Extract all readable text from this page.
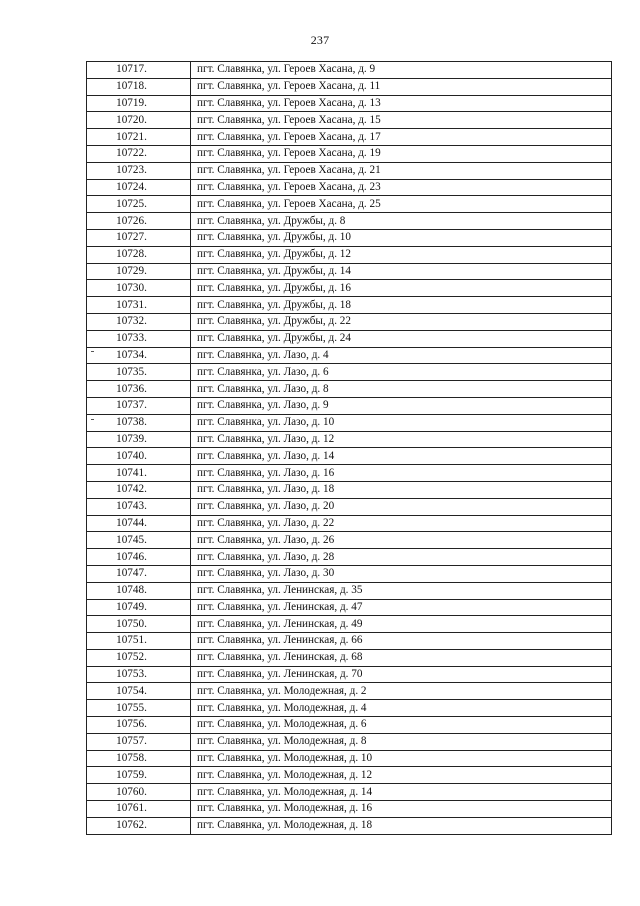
237
10717.	пгт. Славянка, ул. Героев Хасана, д. 9
10718.	пгт. Славянка, ул. Героев Хасана, д. 11
10719.	пгт. Славянка, ул. Героев Хасана, д. 13
10720.	пгт. Славянка, ул. Героев Хасана, д. 15
10721.	пгт. Славянка, ул. Героев Хасана, д. 17
10722.	пгт. Славянка, ул. Героев Хасана, д. 19
10723.	пгт. Славянка, ул. Героев Хасана, д. 21
10724.	пгт. Славянка, ул. Героев Хасана, д. 23
10725.	пгт. Славянка, ул. Героев Хасана, д. 25
10726.	пгт. Славянка, ул. Дружбы, д. 8
10727.	пгт. Славянка, ул. Дружбы, д. 10
10728.	пгт. Славянка, ул. Дружбы, д. 12
10729.	пгт. Славянка, ул. Дружбы, д. 14
10730.	пгт. Славянка, ул. Дружбы, д. 16
10731.	пгт. Славянка, ул. Дружбы, д. 18
10732.	пгт. Славянка, ул. Дружбы, д. 22
10733.	пгт. Славянка, ул. Дружбы, д. 24
10734.	пгт. Славянка, ул. Лазо, д. 4
10735.	пгт. Славянка, ул. Лазо, д. 6
10736.	пгт. Славянка, ул. Лазо, д. 8
10737.	пгт. Славянка, ул. Лазо, д. 9
10738.	пгт. Славянка, ул. Лазо, д. 10
10739.	пгт. Славянка, ул. Лазо, д. 12
10740.	пгт. Славянка, ул. Лазо, д. 14
10741.	пгт. Славянка, ул. Лазо, д. 16
10742.	пгт. Славянка, ул. Лазо, д. 18
10743.	пгт. Славянка, ул. Лазо, д. 20
10744.	пгт. Славянка, ул. Лазо, д. 22
10745.	пгт. Славянка, ул. Лазо, д. 26
10746.	пгт. Славянка, ул. Лазо, д. 28
10747.	пгт. Славянка, ул. Лазо, д. 30
10748.	пгт. Славянка, ул. Ленинская, д. 35
10749.	пгт. Славянка, ул. Ленинская, д. 47
10750.	пгт. Славянка, ул. Ленинская, д. 49
10751.	пгт. Славянка, ул. Ленинская, д. 66
10752.	пгт. Славянка, ул. Ленинская, д. 68
10753.	пгт. Славянка, ул. Ленинская, д. 70
10754.	пгт. Славянка, ул. Молодежная, д. 2
10755.	пгт. Славянка, ул. Молодежная, д. 4
10756.	пгт. Славянка, ул. Молодежная, д. 6
10757.	пгт. Славянка, ул. Молодежная, д. 8
10758.	пгт. Славянка, ул. Молодежная, д. 10
10759.	пгт. Славянка, ул. Молодежная, д. 12
10760.	пгт. Славянка, ул. Молодежная, д. 14
10761.	пгт. Славянка, ул. Молодежная, д. 16
10762.	пгт. Славянка, ул. Молодежная, д. 18
